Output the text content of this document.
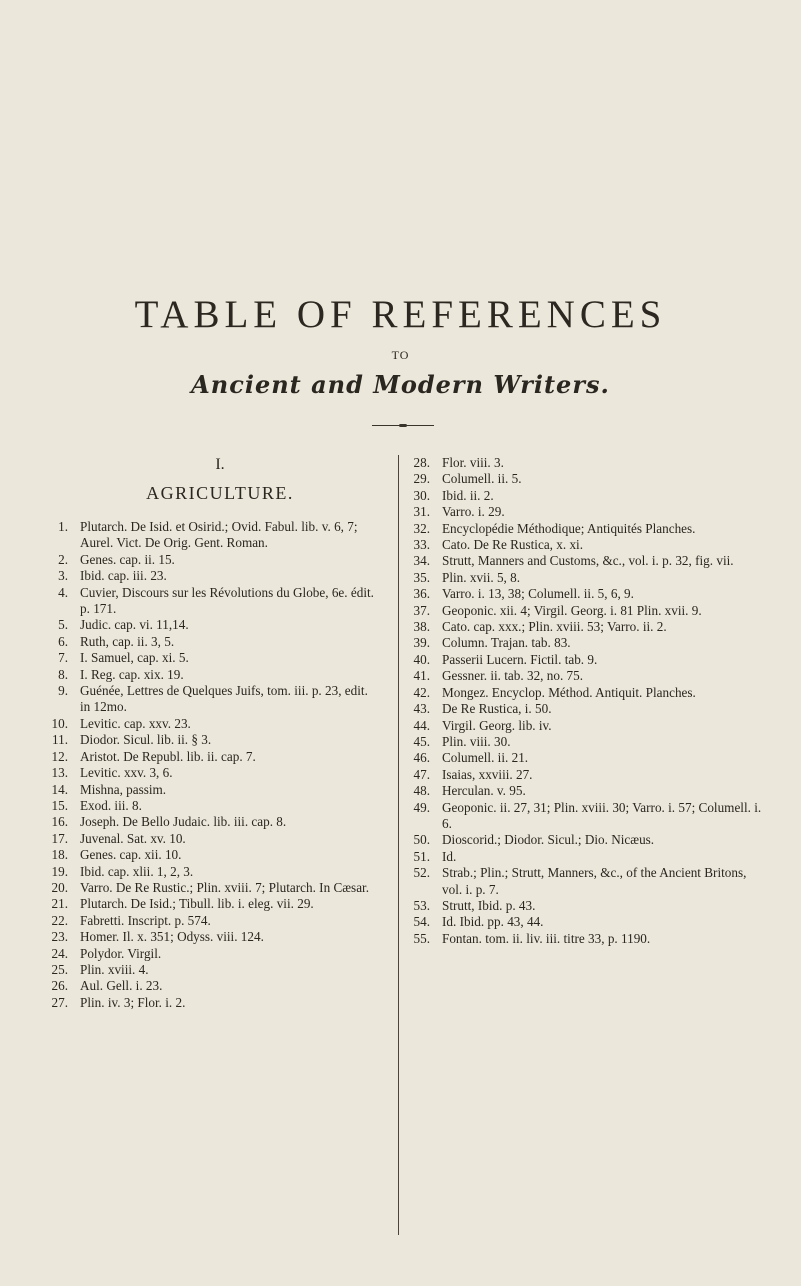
TABLE OF REFERENCES
TO
Ancient and Modern Writers.
I.
AGRICULTURE.
1. Plutarch. De Isid. et Osirid.; Ovid. Fabul. lib. v. 6, 7; Aurel. Vict. De Orig. Gent. Roman.
2. Genes. cap. ii. 15.
3. Ibid. cap. iii. 23.
4. Cuvier, Discours sur les Révolutions du Globe, 6e. édit. p. 171.
5. Judic. cap. vi. 11,14.
6. Ruth, cap. ii. 3, 5.
7. I. Samuel, cap. xi. 5.
8. I. Reg. cap. xix. 19.
9. Guénée, Lettres de Quelques Juifs, tom. iii. p. 23, edit. in 12mo.
10. Levitic. cap. xxv. 23.
11. Diodor. Sicul. lib. ii. § 3.
12. Aristot. De Republ. lib. ii. cap. 7.
13. Levitic. xxv. 3, 6.
14. Mishna, passim.
15. Exod. iii. 8.
16. Joseph. De Bello Judaic. lib. iii. cap. 8.
17. Juvenal. Sat. xv. 10.
18. Genes. cap. xii. 10.
19. Ibid. cap. xlii. 1, 2, 3.
20. Varro. De Re Rustic.; Plin. xviii. 7; Plutarch. In Cæsar.
21. Plutarch. De Isid.; Tibull. lib. i. eleg. vii. 29.
22. Fabretti. Inscript. p. 574.
23. Homer. Il. x. 351; Odyss. viii. 124.
24. Polydor. Virgil.
25. Plin. xviii. 4.
26. Aul. Gell. i. 23.
27. Plin. iv. 3; Flor. i. 2.
28. Flor. viii. 3.
29. Columell. ii. 5.
30. Ibid. ii. 2.
31. Varro. i. 29.
32. Encyclopédie Méthodique; Antiquités Planches.
33. Cato. De Re Rustica, x. xi.
34. Strutt, Manners and Customs, &c., vol. i. p. 32, fig. vii.
35. Plin. xvii. 5, 8.
36. Varro. i. 13, 38; Columell. ii. 5, 6, 9.
37. Geoponic. xii. 4; Virgil. Georg. i. 81 Plin. xvii. 9.
38. Cato. cap. xxx.; Plin. xviii. 53; Varro. ii. 2.
39. Column. Trajan. tab. 83.
40. Passerii Lucern. Fictil. tab. 9.
41. Gessner. ii. tab. 32, no. 75.
42. Mongez. Encyclop. Méthod. Antiquit. Planches.
43. De Re Rustica, i. 50.
44. Virgil. Georg. lib. iv.
45. Plin. viii. 30.
46. Columell. ii. 21.
47. Isaias, xxviii. 27.
48. Herculan. v. 95.
49. Geoponic. ii. 27, 31; Plin. xviii. 30; Varro. i. 57; Columell. i. 6.
50. Dioscorid.; Diodor. Sicul.; Dio. Nicæus.
51. Id.
52. Strab.; Plin.; Strutt, Manners, &c., of the Ancient Britons, vol. i. p. 7.
53. Strutt, Ibid. p. 43.
54. Id. Ibid. pp. 43, 44.
55. Fontan. tom. ii. liv. iii. titre 33, p. 1190.
